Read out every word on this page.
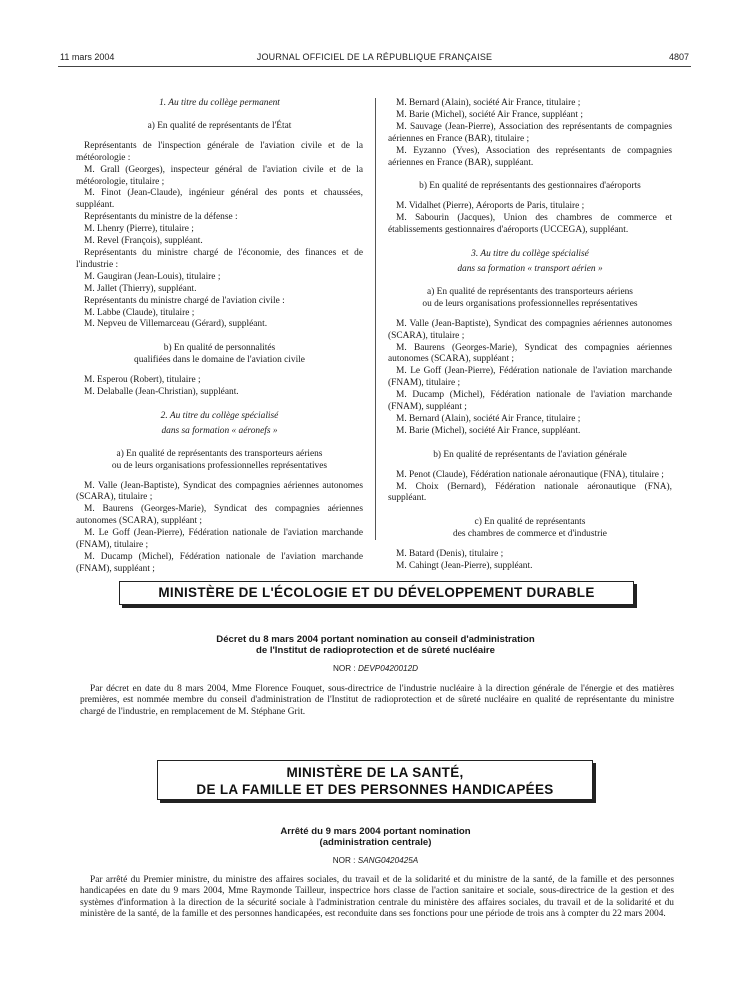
11 mars 2004	JOURNAL OFFICIEL DE LA RÉPUBLIQUE FRANÇAISE	4807

1. Au titre du collège permanent

a) En qualité de représentants de l'État

Représentants de l'inspection générale de l'aviation civile et de la météorologie :

M. Grall (Georges), inspecteur général de l'aviation civile et de la météorologie, titulaire ;

M. Finot (Jean-Claude), ingénieur général des ponts et chaussées, suppléant.

Représentants du ministre de la défense :

M. Lhenry (Pierre), titulaire ;

M. Revel (François), suppléant.

Représentants du ministre chargé de l'économie, des finances et de l'industrie :

M. Gaugiran (Jean-Louis), titulaire ;

M. Jallet (Thierry), suppléant.

Représentants du ministre chargé de l'aviation civile :

M. Labbe (Claude), titulaire ;

M. Nepveu de Villemarceau (Gérard), suppléant.

b) En qualité de personnalités

qualifiées dans le domaine de l'aviation civile

M. Esperou (Robert), titulaire ;

M. Delaballe (Jean-Christian), suppléant.

2. Au titre du collège spécialisé

dans sa formation « aéronefs »

a) En qualité de représentants des transporteurs aériens

ou de leurs organisations professionnelles représentatives

M. Valle (Jean-Baptiste), Syndicat des compagnies aériennes autonomes (SCARA), titulaire ;

M. Baurens (Georges-Marie), Syndicat des compagnies aériennes autonomes (SCARA), suppléant ;

M. Le Goff (Jean-Pierre), Fédération nationale de l'aviation marchande (FNAM), titulaire ;

M. Ducamp (Michel), Fédération nationale de l'aviation marchande (FNAM), suppléant ;

M. Bernard (Alain), société Air France, titulaire ;

M. Barie (Michel), société Air France, suppléant ;

M. Sauvage (Jean-Pierre), Association des représentants de compagnies aériennes en France (BAR), titulaire ;

M. Eyzanno (Yves), Association des représentants de compagnies aériennes en France (BAR), suppléant.

b) En qualité de représentants des gestionnaires d'aéroports

M. Vidalhet (Pierre), Aéroports de Paris, titulaire ;

M. Sabourin (Jacques), Union des chambres de commerce et établissements gestionnaires d'aéroports (UCCEGA), suppléant.

3. Au titre du collège spécialisé

dans sa formation « transport aérien »

a) En qualité de représentants des transporteurs aériens

ou de leurs organisations professionnelles représentatives

M. Valle (Jean-Baptiste), Syndicat des compagnies aériennes autonomes (SCARA), titulaire ;

M. Baurens (Georges-Marie), Syndicat des compagnies aériennes autonomes (SCARA), suppléant ;

M. Le Goff (Jean-Pierre), Fédération nationale de l'aviation marchande (FNAM), titulaire ;

M. Ducamp (Michel), Fédération nationale de l'aviation marchande (FNAM), suppléant ;

M. Bernard (Alain), société Air France, titulaire ;

M. Barie (Michel), société Air France, suppléant.

b) En qualité de représentants de l'aviation générale

M. Penot (Claude), Fédération nationale aéronautique (FNA), titulaire ;

M. Choix (Bernard), Fédération nationale aéronautique (FNA), suppléant.

c) En qualité de représentants

des chambres de commerce et d'industrie

M. Batard (Denis), titulaire ;

M. Cahingt (Jean-Pierre), suppléant.

MINISTÈRE DE L'ÉCOLOGIE ET DU DÉVELOPPEMENT DURABLE
Décret du 8 mars 2004 portant nomination au conseil d'administration
de l'Institut de radioprotection et de sûreté nucléaire
NOR : DEVP0420012D
Par décret en date du 8 mars 2004, Mme Florence Fouquet, sous-directrice de l'industrie nucléaire à la direction générale de l'énergie et des matières premières, est nommée membre du conseil d'administration de l'Institut de radioprotection et de sûreté nucléaire en qualité de représentante du ministre chargé de l'industrie, en remplacement de M. Stéphane Grit.
MINISTÈRE DE LA SANTÉ,
DE LA FAMILLE ET DES PERSONNES HANDICAPÉES
Arrêté du 9 mars 2004 portant nomination
(administration centrale)
NOR : SANG0420425A
Par arrêté du Premier ministre, du ministre des affaires sociales, du travail et de la solidarité et du ministre de la santé, de la famille et des personnes handicapées en date du 9 mars 2004, Mme Raymonde Tailleur, inspectrice hors classe de l'action sanitaire et sociale, sous-directrice de la gestion et des systèmes d'information à la direction de la sécurité sociale à l'administration centrale du ministère des affaires sociales, du travail et de la solidarité et du ministère de la santé, de la famille et des personnes handicapées, est reconduite dans ses fonctions pour une période de trois ans à compter du 22 mars 2004.
